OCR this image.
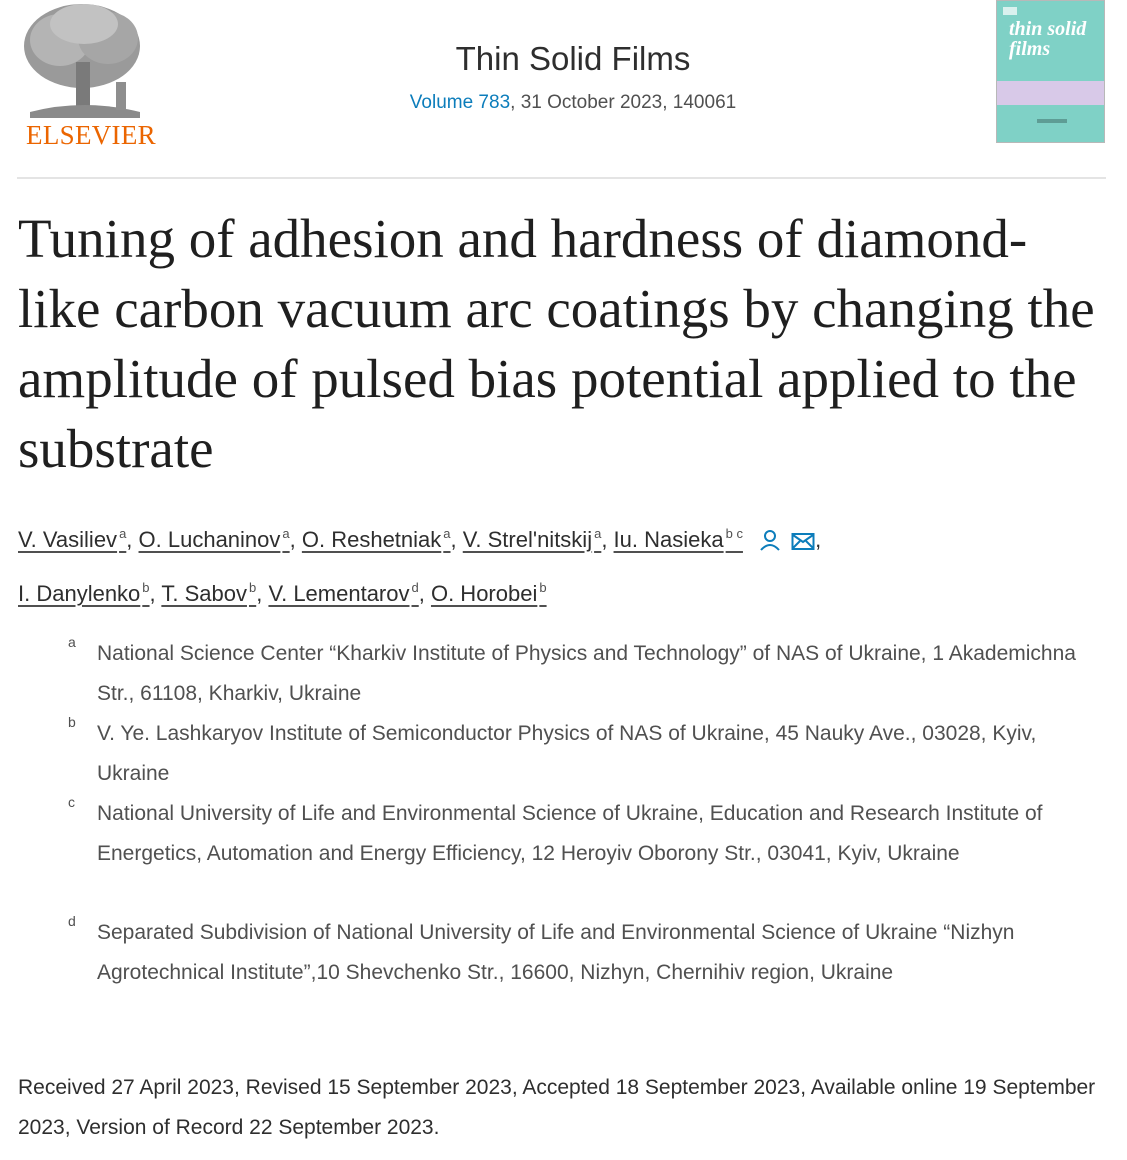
ELSEVIER
Thin Solid Films
Volume 783, 31 October 2023, 140061
thin solid films
Tuning of adhesion and hardness of diamond-like carbon vacuum arc coatings by changing the amplitude of pulsed bias potential applied to the substrate
V. Vasiliev $^a$, O. Luchaninov $^a$, O. Reshetniak $^a$, V. Strel'nitskij $^a$, Iu. Nasieka $^{b c}$	,
I. Danylenko $^b$, T. Sabov $^b$, V. Lementarov $^d$, O. Horobei $^b$
a National Science Center “Kharkiv Institute of Physics and Technology” of NAS of Ukraine, 1 Akademichna Str., 61108, Kharkiv, Ukraine

b V. Ye. Lashkaryov Institute of Semiconductor Physics of NAS of Ukraine, 45 Nauky Ave., 03028, Kyiv, Ukraine

c National University of Life and Environmental Science of Ukraine, Education and Research Institute of Energetics, Automation and Energy Efficiency, 12 Heroyiv Oborony Str., 03041, Kyiv, Ukraine

d Separated Subdivision of National University of Life and Environmental Science of Ukraine “Nizhyn Agrotechnical Institute”,10 Shevchenko Str., 16600, Nizhyn, Chernihiv region, Ukraine

Received 27 April 2023, Revised 15 September 2023, Accepted 18 September 2023, Available online 19 September 2023, Version of Record 22 September 2023.
